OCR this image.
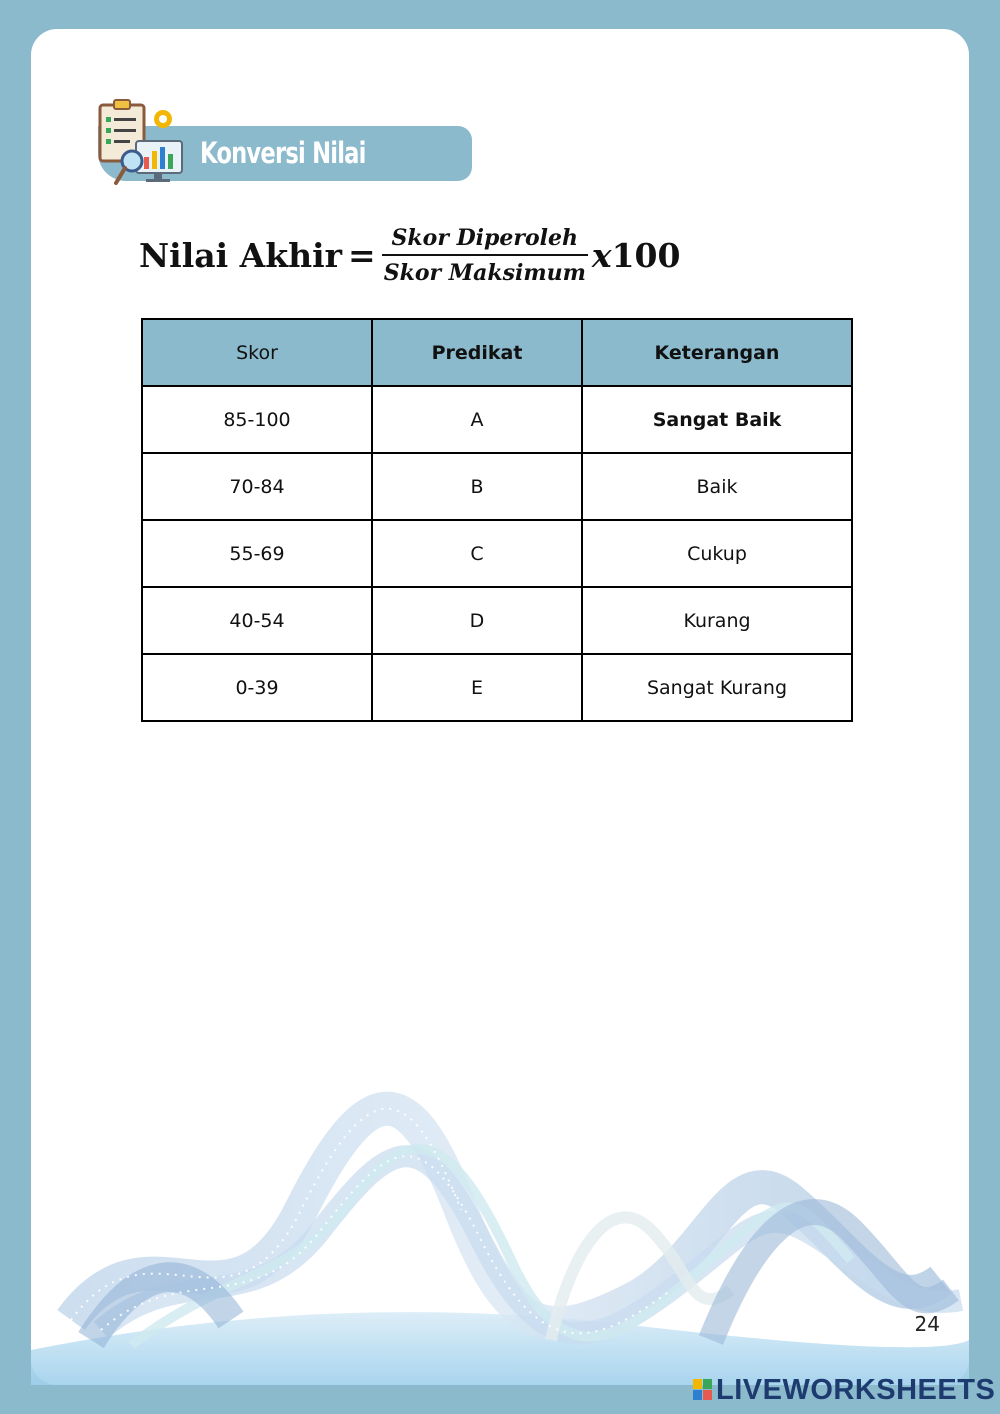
Konversi Nilai
Nilai Akhir = $\frac{\text{Skor Diperoleh}}{\text{Skor Maksimum}} x100$
Skor	Predikat	Keterangan
85-100	A	Sangat Baik
70-84	B	Baik
55-69	C	Cukup
40-54	D	Kurang
0-39	E	Sangat Kurang
24
LIVEWORKSHEETS
